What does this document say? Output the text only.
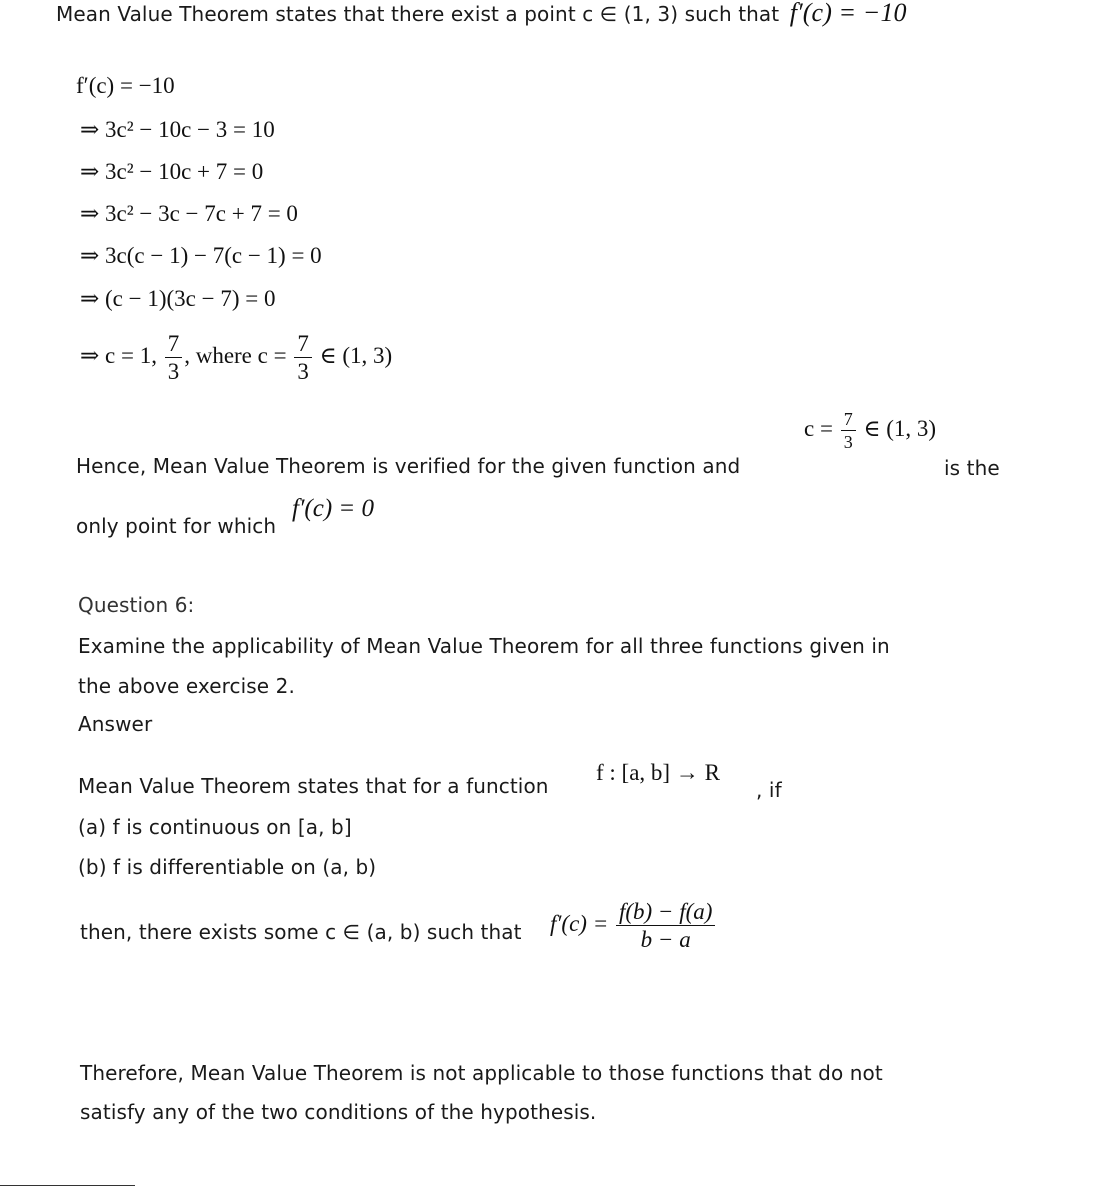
Mean Value Theorem states that there exist a point c ∈ (1, 3) such that f′(c) = −10
f′(c) = −10
⇒ 3c² − 10c − 3 = 10
⇒ 3c² − 10c + 7 = 0
⇒ 3c² − 3c − 7c + 7 = 0
⇒ 3c(c − 1) − 7(c − 1) = 0
⇒ (c − 1)(3c − 7) = 0
⇒ c = 1, $\frac{7}{3}$ , where $c = \frac{7}{3}$ ∈ (1, 3)
Hence, Mean Value Theorem is verified for the given function and
$c = \frac{7}{3}$ ∈ (1, 3)
is the
only point for which
f′(c) = 0
Question 6:
Examine the applicability of Mean Value Theorem for all three functions given in
the above exercise 2.
Answer
Mean Value Theorem states that for a function
f : [a, b] → R
, if
(a) f is continuous on [a, b]
(b) f is differentiable on (a, b)
then, there exists some c ∈ (a, b) such that $f'(c) = \frac{f(b) - f(a)}{b - a}$
Therefore, Mean Value Theorem is not applicable to those functions that do not
satisfy any of the two conditions of the hypothesis.
